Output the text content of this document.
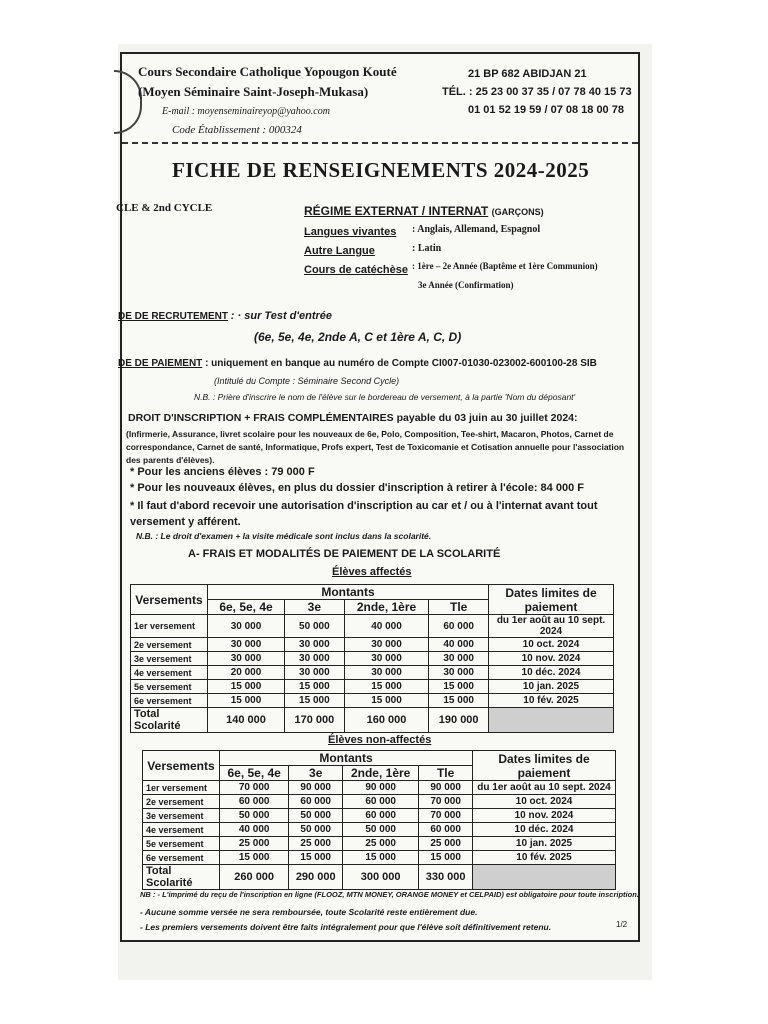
Cours Secondaire Catholique Yopougon Kouté
(Moyen Séminaire Saint-Joseph-Mukasa)
E-mail : moyenseminaireyop@yahoo.com
Code Établissement : 000324
21 BP 682 ABIDJAN 21
TÉL. : 25 23 00 37 35 / 07 78 40 15 73
01 01 52 19 59 / 07 08 18 00 78
FICHE DE RENSEIGNEMENTS 2024-2025
CLE & 2nd CYCLE	RÉGIME EXTERNAT / INTERNAT (GARÇONS)
Langues vivantes : Anglais, Allemand, Espagnol
Autre Langue	: Latin
Cours de catéchèse : 1ère – 2e Année (Baptême et 1ère Communion)
3e Année (Confirmation)
DE DE RECRUTEMENT : · sur Test d'entrée
(6e, 5e, 4e, 2nde A, C et 1ère A, C, D)
DE DE PAIEMENT : uniquement en banque au numéro de Compte CI007-01030-023002-600100-28 SIB
(Intitulé du Compte : Séminaire Second Cycle)
N.B. : Prière d'inscrire le nom de l'élève sur le bordereau de versement, à la partie 'Nom du déposant'
DROIT D'INSCRIPTION + FRAIS COMPLÉMENTAIRES payable du 03 juin au 30 juillet 2024:
(Infirmerie, Assurance, livret scolaire pour les nouveaux de 6e, Polo, Composition, Tee-shirt, Macaron, Photos, Carnet de correspondance, Carnet de santé, Informatique, Profs expert, Test de Toxicomanie et Cotisation annuelle pour l'association des parents d'élèves).
* Pour les anciens élèves : 79 000 F
* Pour les nouveaux élèves, en plus du dossier d'inscription à retirer à l'école: 84 000 F
* Il faut d'abord recevoir une autorisation d'inscription au car et / ou à l'internat avant tout versement y afférent.
N.B. : Le droit d'examen + la visite médicale sont inclus dans la scolarité.
A- FRAIS ET MODALITÉS DE PAIEMENT DE LA SCOLARITÉ
Élèves affectés
Versements	Montants				Dates limites de paiement
	6e, 5e, 4e	3e	2nde, 1ère	Tle	
1er versement	30 000	50 000	40 000	60 000	du 1er août au 10 sept. 2024
2e versement	30 000	30 000	30 000	40 000	10 oct. 2024
3e versement	30 000	30 000	30 000	30 000	10 nov. 2024
4e versement	20 000	30 000	30 000	30 000	10 déc. 2024
5e versement	15 000	15 000	15 000	15 000	10 jan. 2025
6e versement	15 000	15 000	15 000	15 000	10 fév. 2025
Total Scolarité	140 000	170 000	160 000	190 000	
Élèves non-affectés
Versements	Montants				Dates limites de paiement
	6e, 5e, 4e	3e	2nde, 1ère	Tle	
1er versement	70 000	90 000	90 000	90 000	du 1er août au 10 sept. 2024
2e versement	60 000	60 000	60 000	70 000	10 oct. 2024
3e versement	50 000	50 000	60 000	70 000	10 nov. 2024
4e versement	40 000	50 000	50 000	60 000	10 déc. 2024
5e versement	25 000	25 000	25 000	25 000	10 jan. 2025
6e versement	15 000	15 000	15 000	15 000	10 fév. 2025
Total Scolarité	260 000	290 000	300 000	330 000	
NB : - L'imprimé du reçu de l'inscription en ligne (FLOOZ, MTN MONEY, ORANGE MONEY et CELPAID) est obligatoire pour toute inscription.
- Aucune somme versée ne sera remboursée, toute Scolarité reste entièrement due.
- Les premiers versements doivent être faits intégralement pour que l'élève soit définitivement retenu.	1/2
